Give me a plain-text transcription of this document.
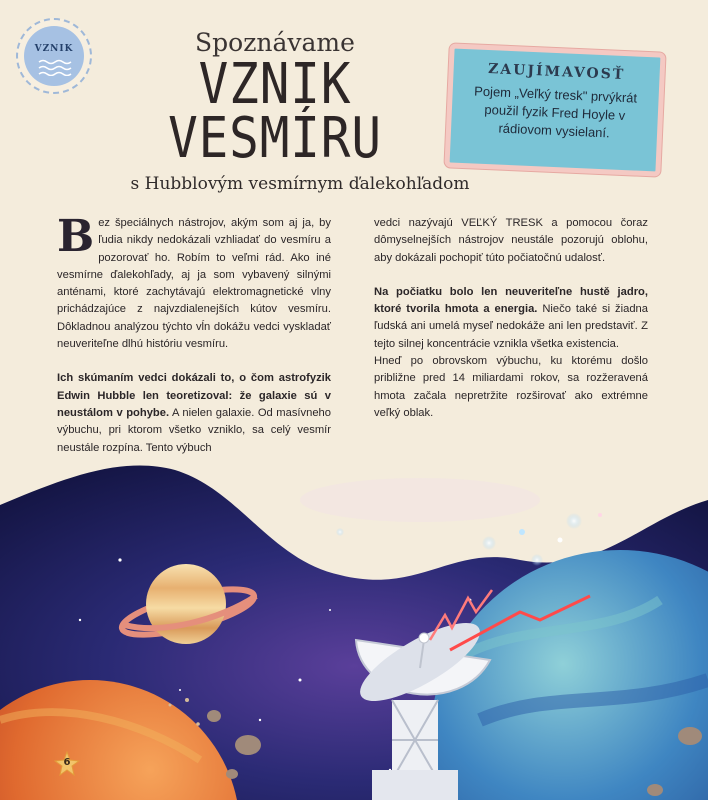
VZNIK	Spoznávame
VZNIK
VESMÍRU
s Hubblovým vesmírnym ďalekohľadom
ZAUJÍMAVOSŤ
Pojem „Veľký tresk" prvýkrát použil fyzik Fred Hoyle v rádiovom vysielaní.

B ez špeciálnych nástrojov, akým som aj ja, by ľudia nikdy nedokázali vzhliadať do vesmíru a pozorovať ho. Robím to veľmi rád. Ako iné vesmírne ďalekohľady, aj ja som vybavený silnými anténami, ktoré zachytávajú elektromagnetické vlny prichádzajúce z najvzdialenejších kútov vesmíru. Dôkladnou analýzou týchto vĺn dokážu vedci vyskladať neuveriteľne dlhú históriu vesmíru.

Ich skúmaním vedci dokázali to, o čom astrofyzik Edwin Hubble len teoretizoval: že galaxie sú v neustálom v pohybe. A nielen galaxie. Od masívneho výbuchu, pri ktorom všetko vzniklo, sa celý vesmír neustále rozpína. Tento výbuch

vedci nazývajú VEĽKÝ TRESK a pomocou čoraz dômyselnejších nástrojov neustále pozorujú oblohu, aby dokázali pochopiť túto počiatočnú udalosť.

Na počiatku bolo len neuveriteľne hustě jadro, ktoré tvorila hmota a energia. Niečo také si žiadna ľudská ani umelá myseľ nedokáže ani len predstaviť. Z tejto silnej koncentrácie vznikla všetka existencia.

Hneď po obrovskom výbuchu, ku ktorému došlo približne pred 14 miliardami rokov, sa rozžeravená hmota začala nepretržite rozširovať ako extrémne veľký oblak.

6
